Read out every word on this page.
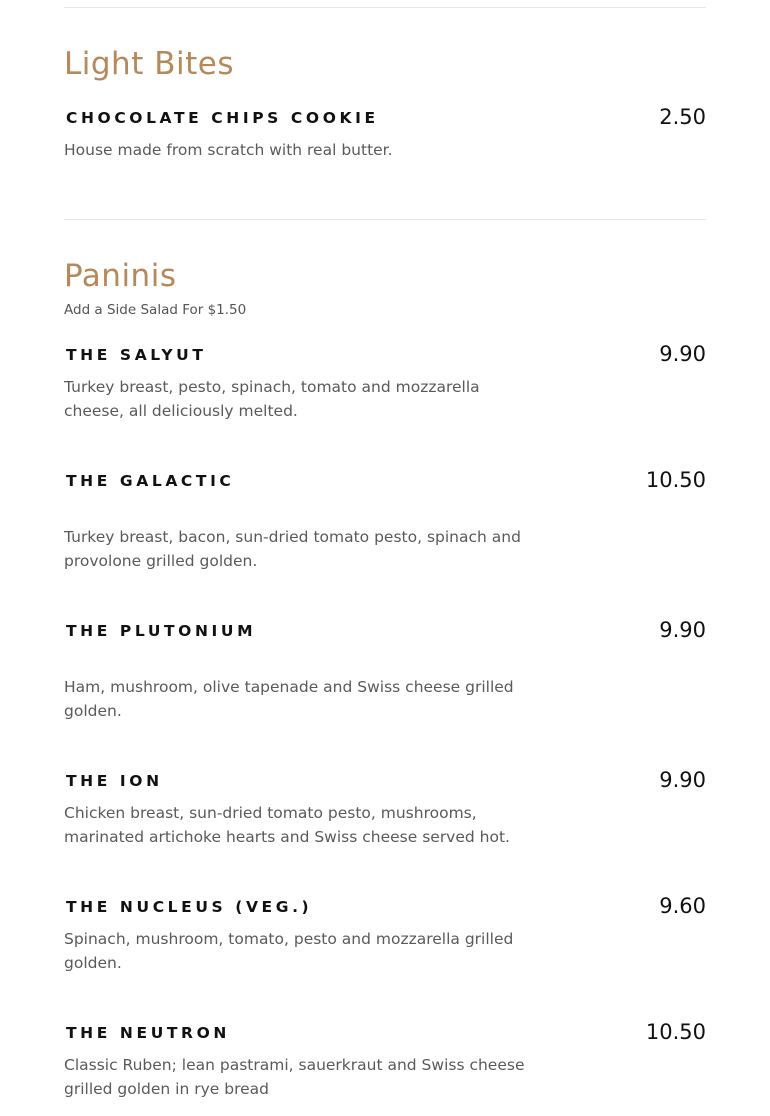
Light Bites
CHOCOLATE CHIPS COOKIE	2.50
House made from scratch with real butter.
Paninis
Add a Side Salad For $1.50
THE SALYUT	9.90
Turkey breast, pesto, spinach, tomato and mozzarella cheese, all deliciously melted.
THE GALACTIC	10.50
Turkey breast, bacon, sun-dried tomato pesto, spinach and provolone grilled golden.
THE PLUTONIUM	9.90
Ham, mushroom, olive tapenade and Swiss cheese grilled golden.
THE ION	9.90
Chicken breast, sun-dried tomato pesto, mushrooms, marinated artichoke hearts and Swiss cheese served hot.
THE NUCLEUS (VEG.)	9.60
Spinach, mushroom, tomato, pesto and mozzarella grilled golden.
THE NEUTRON	10.50
Classic Ruben; lean pastrami, sauerkraut and Swiss cheese grilled golden in rye bread
